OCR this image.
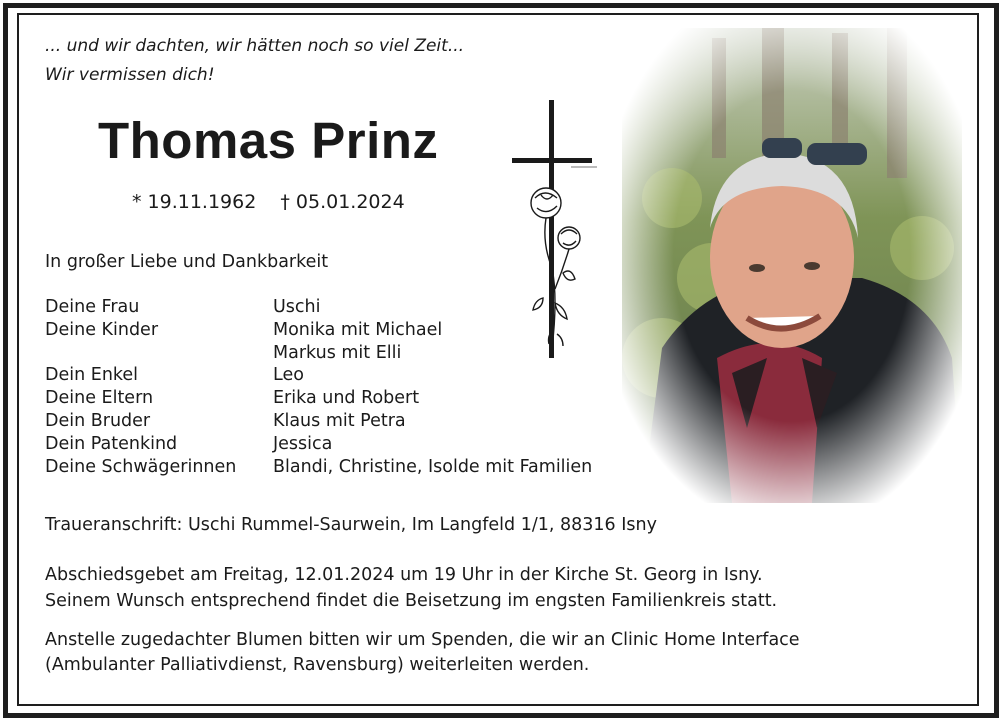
... und wir dachten, wir hätten noch so viel Zeit...
Wir vermissen dich!
Thomas Prinz
* 19.11.1962 † 05.01.2024
In großer Liebe und Dankbarkeit
Deine Frau	Uschi
Deine Kinder	Monika mit Michael
Markus mit Elli
Dein Enkel	Leo
Deine Eltern	Erika und Robert
Dein Bruder	Klaus mit Petra
Dein Patenkind	Jessica
Deine Schwägerinnen	Blandi, Christine, Isolde mit Familien
Traueranschrift: Uschi Rummel-Saurwein, Im Langfeld 1/1, 88316 Isny
Abschiedsgebet am Freitag, 12.01.2024 um 19 Uhr in der Kirche St. Georg in Isny.
Seinem Wunsch entsprechend findet die Beisetzung im engsten Familienkreis statt.
Anstelle zugedachter Blumen bitten wir um Spenden, die wir an Clinic Home Interface
(Ambulanter Palliativdienst, Ravensburg) weiterleiten werden.
